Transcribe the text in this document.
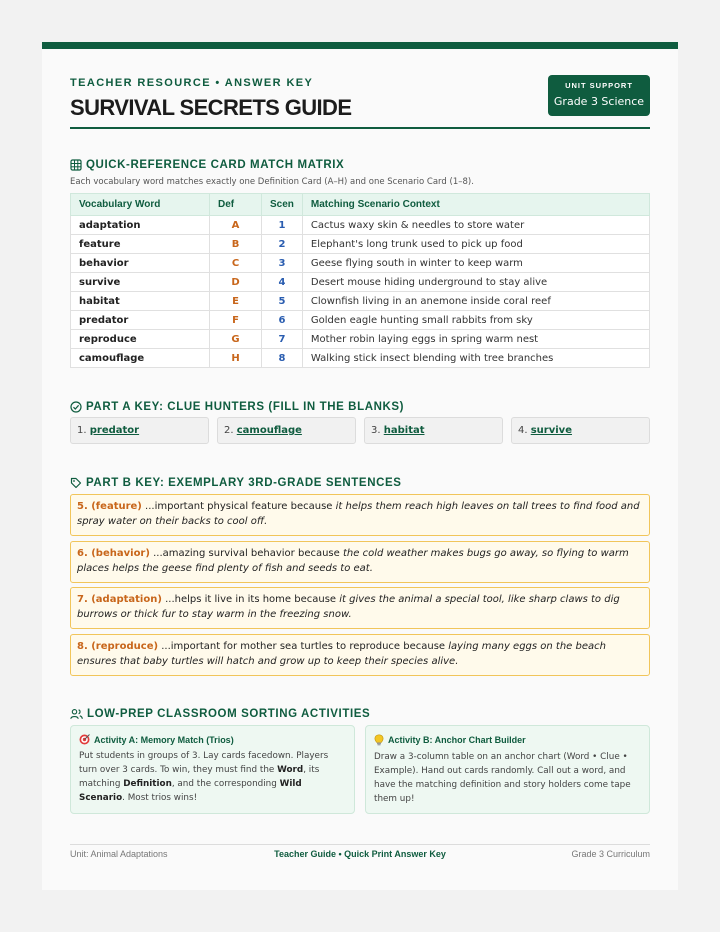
TEACHER RESOURCE • ANSWER KEY
SURVIVAL SECRETS GUIDE
UNIT SUPPORT
Grade 3 Science
QUICK-REFERENCE CARD MATCH MATRIX
Each vocabulary word matches exactly one Definition Card (A–H) and one Scenario Card (1–8).
Vocabulary Word	Def	Scen	Matching Scenario Context
adaptation	A	1	Cactus waxy skin & needles to store water
feature	B	2	Elephant's long trunk used to pick up food
behavior	C	3	Geese flying south in winter to keep warm
survive	D	4	Desert mouse hiding underground to stay alive
habitat	E	5	Clownfish living in an anemone inside coral reef
predator	F	6	Golden eagle hunting small rabbits from sky
reproduce	G	7	Mother robin laying eggs in spring warm nest
camouflage	H	8	Walking stick insect blending with tree branches
PART A KEY: CLUE HUNTERS (FILL IN THE BLANKS)
1. predator	2. camouflage	3. habitat	4. survive
PART B KEY: EXEMPLARY 3RD-GRADE SENTENCES
5. (feature) ...important physical feature because it helps them reach high leaves on tall trees to find food and spray water on their backs to cool off.
6. (behavior) ...amazing survival behavior because the cold weather makes bugs go away, so flying to warm places helps the geese find plenty of fish and seeds to eat.
7. (adaptation) ...helps it live in its home because it gives the animal a special tool, like sharp claws to dig burrows or thick fur to stay warm in the freezing snow.
8. (reproduce) ...important for mother sea turtles to reproduce because laying many eggs on the beach ensures that baby turtles will hatch and grow up to keep their species alive.
LOW-PREP CLASSROOM SORTING ACTIVITIES
Activity A: Memory Match (Trios)
Put students in groups of 3. Lay cards facedown. Players turn over 3 cards. To win, they must find the Word, its matching Definition, and the corresponding Wild Scenario. Most trios wins!
Activity B: Anchor Chart Builder
Draw a 3-column table on an anchor chart (Word • Clue • Example). Hand out cards randomly. Call out a word, and have the matching definition and story holders come tape them up!
Teacher Guide • Quick Print Answer Key
Unit: Animal Adaptations	Grade 3 Curriculum
